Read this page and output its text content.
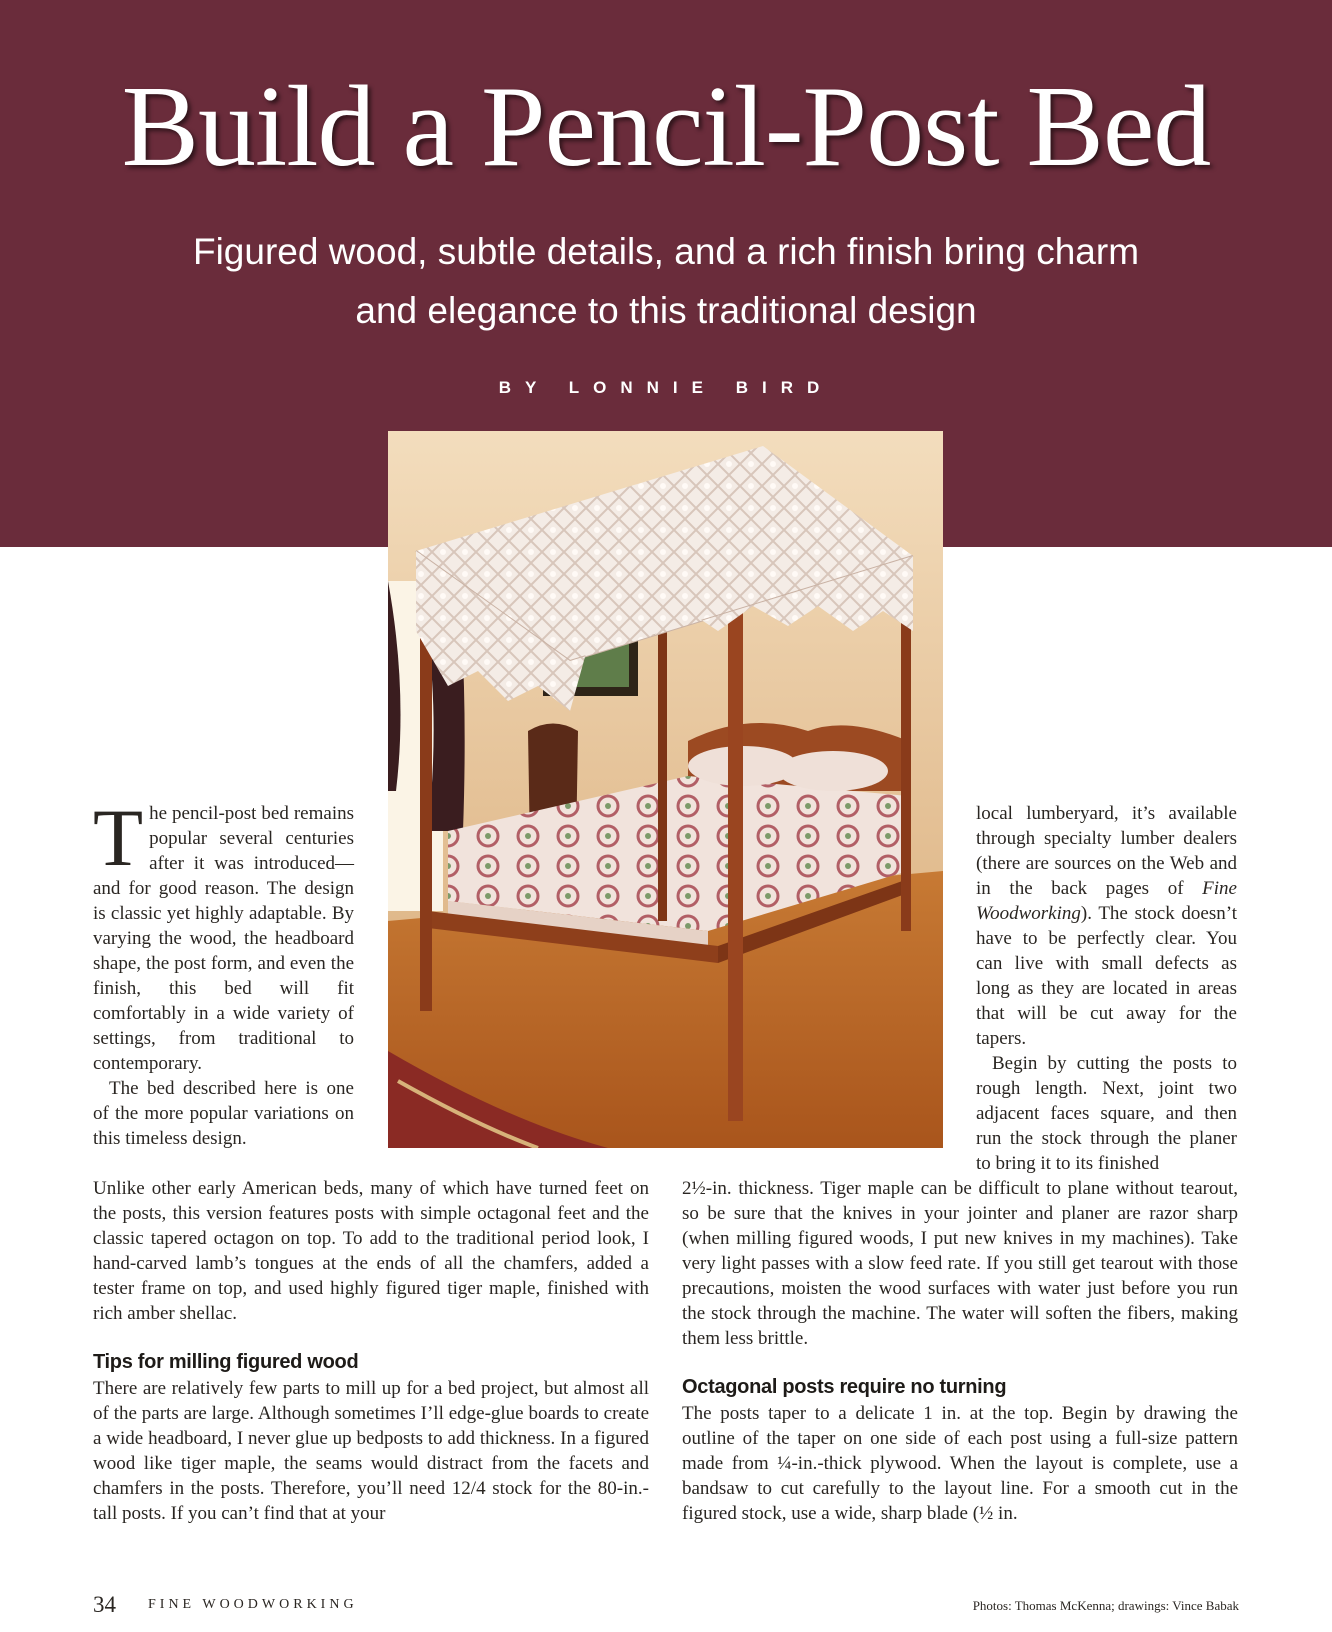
Build a Pencil-Post Bed

Figured wood, subtle details, and a rich finish bring charm and elegance to this traditional design

BY LONNIE BIRD

The pencil-post bed remains popular several centuries after it was introduced—and for good reason. The design is classic yet highly adaptable. By varying the wood, the headboard shape, the post form, and even the finish, this bed will fit comfortably in a wide variety of settings, from traditional to contemporary.

The bed described here is one of the more popular variations on this timeless design.

Unlike other early American beds, many of which have turned feet on the posts, this version features posts with simple octagonal feet and the classic tapered octagon on top. To add to the traditional period look, I hand-carved lamb’s tongues at the ends of all the chamfers, added a tester frame on top, and used highly figured tiger maple, finished with rich amber shellac.

Tips for milling figured wood

There are relatively few parts to mill up for a bed project, but almost all of the parts are large. Although sometimes I’ll edge-glue boards to create a wide headboard, I never glue up bedposts to add thickness. In a figured wood like tiger maple, the seams would distract from the facets and chamfers in the posts. Therefore, you’ll need 12/4 stock for the 80-in.-tall posts. If you can’t find that at your

local lumberyard, it’s available through specialty lumber dealers (there are sources on the Web and in the back pages of Fine Woodworking). The stock doesn’t have to be perfectly clear. You can live with small defects as long as they are located in areas that will be cut away for the tapers.

Begin by cutting the posts to rough length. Next, joint two adjacent faces square, and then run the stock through the planer to bring it to its finished

2½-in. thickness. Tiger maple can be difficult to plane without tearout, so be sure that the knives in your jointer and planer are razor sharp (when milling figured woods, I put new knives in my machines). Take very light passes with a slow feed rate. If you still get tearout with those precautions, moisten the wood surfaces with water just before you run the stock through the machine. The water will soften the fibers, making them less brittle.

Octagonal posts require no turning

The posts taper to a delicate 1 in. at the top. Begin by drawing the outline of the taper on one side of each post using a full-size pattern made from ¼-in.-thick plywood. When the layout is complete, use a bandsaw to cut carefully to the layout line. For a smooth cut in the figured stock, use a wide, sharp blade (½ in.

34 FINE WOODWORKING	Photos: Thomas McKenna; drawings: Vince Babak
